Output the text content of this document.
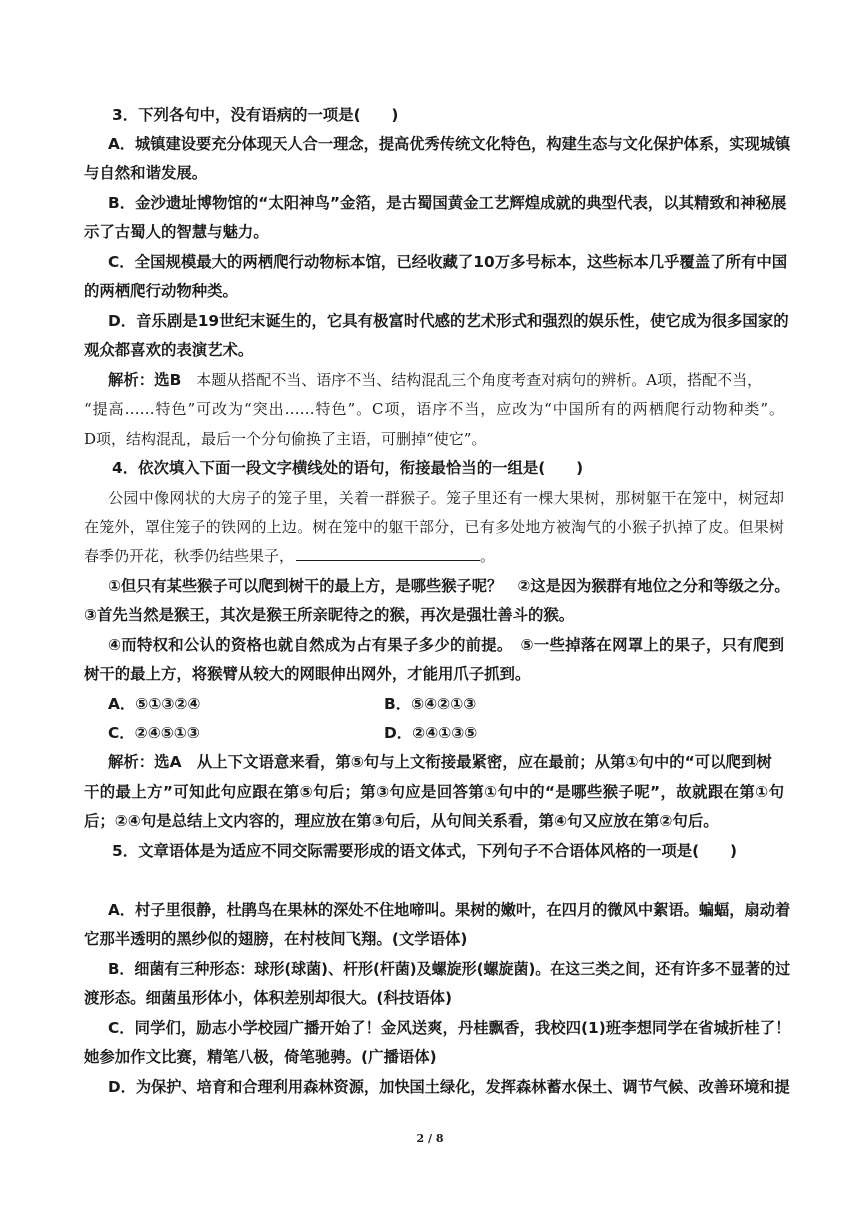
3．下列各句中，没有语病的一项是(　　)
A．城镇建设要充分体现天人合一理念，提高优秀传统文化特色，构建生态与文化保护体系，实现城镇
与自然和谐发展。
B．金沙遗址博物馆的“太阳神鸟”金箔，是古蜀国黄金工艺辉煌成就的典型代表，以其精致和神秘展
示了古蜀人的智慧与魅力。
C．全国规模最大的两栖爬行动物标本馆，已经收藏了10万多号标本，这些标本几乎覆盖了所有中国
的两栖爬行动物种类。
D．音乐剧是19世纪末诞生的，它具有极富时代感的艺术形式和强烈的娱乐性，使它成为很多国家的
观众都喜欢的表演艺术。
解析：选B　本题从搭配不当、语序不当、结构混乱三个角度考查对病句的辨析。A项，搭配不当，
“提高……特色”可改为“突出……特色”。C项，语序不当，应改为“中国所有的两栖爬行动物种类”。
D项，结构混乱，最后一个分句偷换了主语，可删掉“使它”。
4．依次填入下面一段文字横线处的语句，衔接最恰当的一组是(　　)
公园中像网状的大房子的笼子里，关着一群猴子。笼子里还有一棵大果树，那树躯干在笼中，树冠却
在笼外，罩住笼子的铁网的上边。树在笼中的躯干部分，已有多处地方被淘气的小猴子扒掉了皮。但果树
春季仍开花，秋季仍结些果子，	。
①但只有某些猴子可以爬到树干的最上方，是哪些猴子呢？　②这是因为猴群有地位之分和等级之分。
③首先当然是猴王，其次是猴王所亲昵待之的猴，再次是强壮善斗的猴。
④而特权和公认的资格也就自然成为占有果子多少的前提。　⑤一些掉落在网罩上的果子，只有爬到
树干的最上方，将猴臂从较大的网眼伸出网外，才能用爪子抓到。
A．⑤①③②④	B．⑤④②①③
C．②④⑤①③	D．②④①③⑤
解析：选A　从上下文语意来看，第⑤句与上文衔接最紧密，应在最前；从第①句中的“可以爬到树
干的最上方”可知此句应跟在第⑤句后；第③句应是回答第①句中的“是哪些猴子呢”，故就跟在第①句
后；②④句是总结上文内容的，理应放在第③句后，从句间关系看，第④句又应放在第②句后。
5．文章语体是为适应不同交际需要形成的语文体式，下列句子不合语体风格的一项是(　　)
A．村子里很静，杜鹃鸟在果林的深处不住地啼叫。果树的嫩叶，在四月的微风中絮语。蝙蝠，扇动着
它那半透明的黑纱似的翅膀，在村枝间飞翔。(文学语体)
B．细菌有三种形态：球形(球菌)、杆形(杆菌)及螺旋形(螺旋菌)。在这三类之间，还有许多不显著的过
渡形态。细菌虽形体小，体积差别却很大。(科技语体)
C．同学们，励志小学校园广播开始了！金风送爽，丹桂飘香，我校四(1)班李想同学在省城折桂了！
她参加作文比赛，精笔八极，倚笔驰骋。(广播语体)
D．为保护、培育和合理利用森林资源，加快国土绿化，发挥森林蓄水保土、调节气候、改善环境和提
2 / 8
